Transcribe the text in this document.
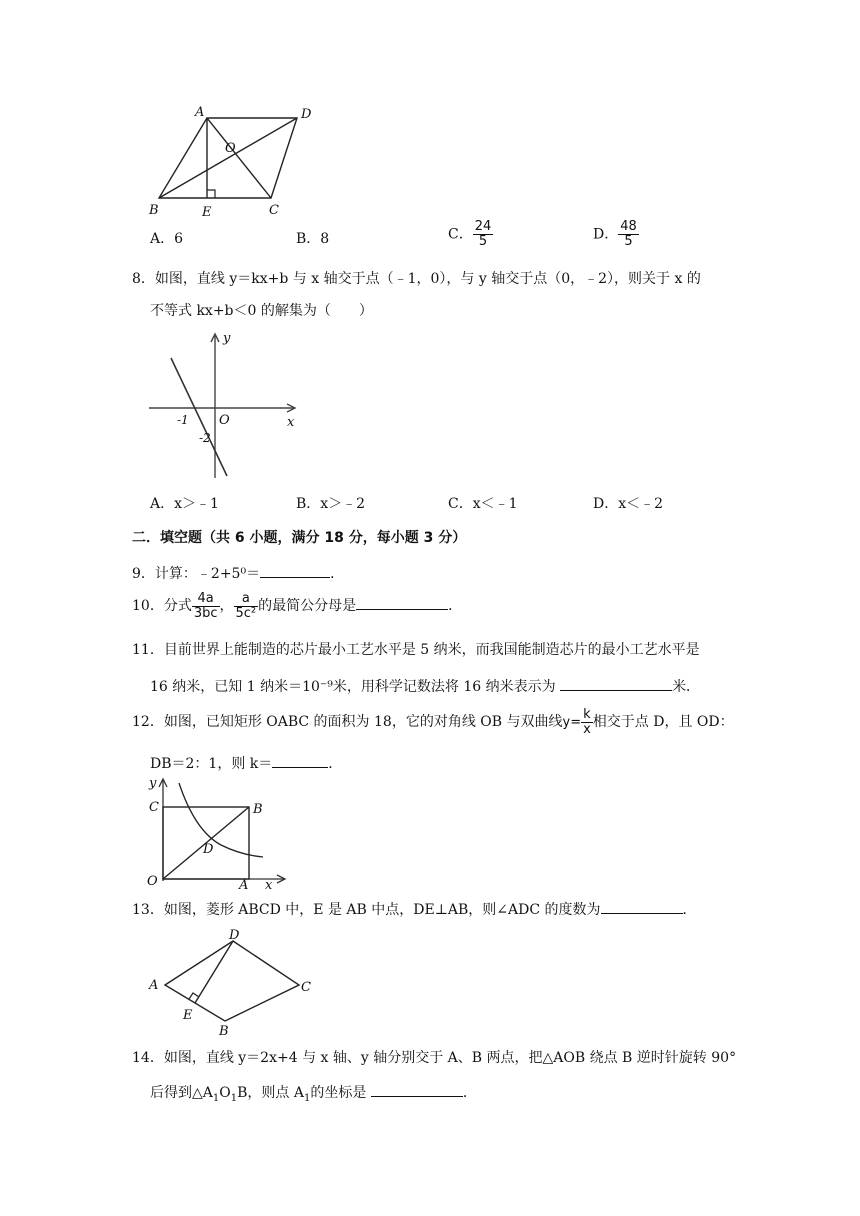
A	D
O
B	E	C
A．6	B．8	C． $\frac{24}{5}$	D． $\frac{48}{5}$
8．如图，直线 y＝kx+b 与 x 轴交于点（﹣1，0），与 y 轴交于点（0，﹣2），则关于 x 的
不等式 kx+b＜0 的解集为（　　）
y
x
O
-1
-2
A．x＞﹣1	B．x＞﹣2	C．x＜﹣1	D．x＜﹣2
二．填空题（共 6 小题，满分 18 分，每小题 3 分）
9．计算：﹣2+5⁰＝	．
10．分式 $\frac{4a}{3bc}$ ， $\frac{a}{\text{5c²}}$ 的最简公分母是	．
11．目前世界上能制造的芯片最小工艺水平是 5 纳米，而我国能制造芯片的最小工艺水平是
16 纳米，已知 1 纳米＝10⁻⁹米，用科学记数法将 16 纳米表示为	米．
12．如图，已知矩形 OABC 的面积为 18，它的对角线 OB 与双曲线$y= \frac{k}{x}$ 相交于点 D，且 OD：
DB＝2：1，则 k＝	．
y
C	B
D
O	A x
13．如图，菱形 ABCD 中，E 是 AB 中点，DE⊥AB，则∠ADC 的度数为	．
D
A	C
E
B
14．如图，直线 y＝2x+4 与 x 轴、y 轴分别交于 A、B 两点，把△AOB 绕点 B 逆时针旋转 90°
后得到$\triangle A_1O_1B$，则点 $A_1$的坐标是	．
